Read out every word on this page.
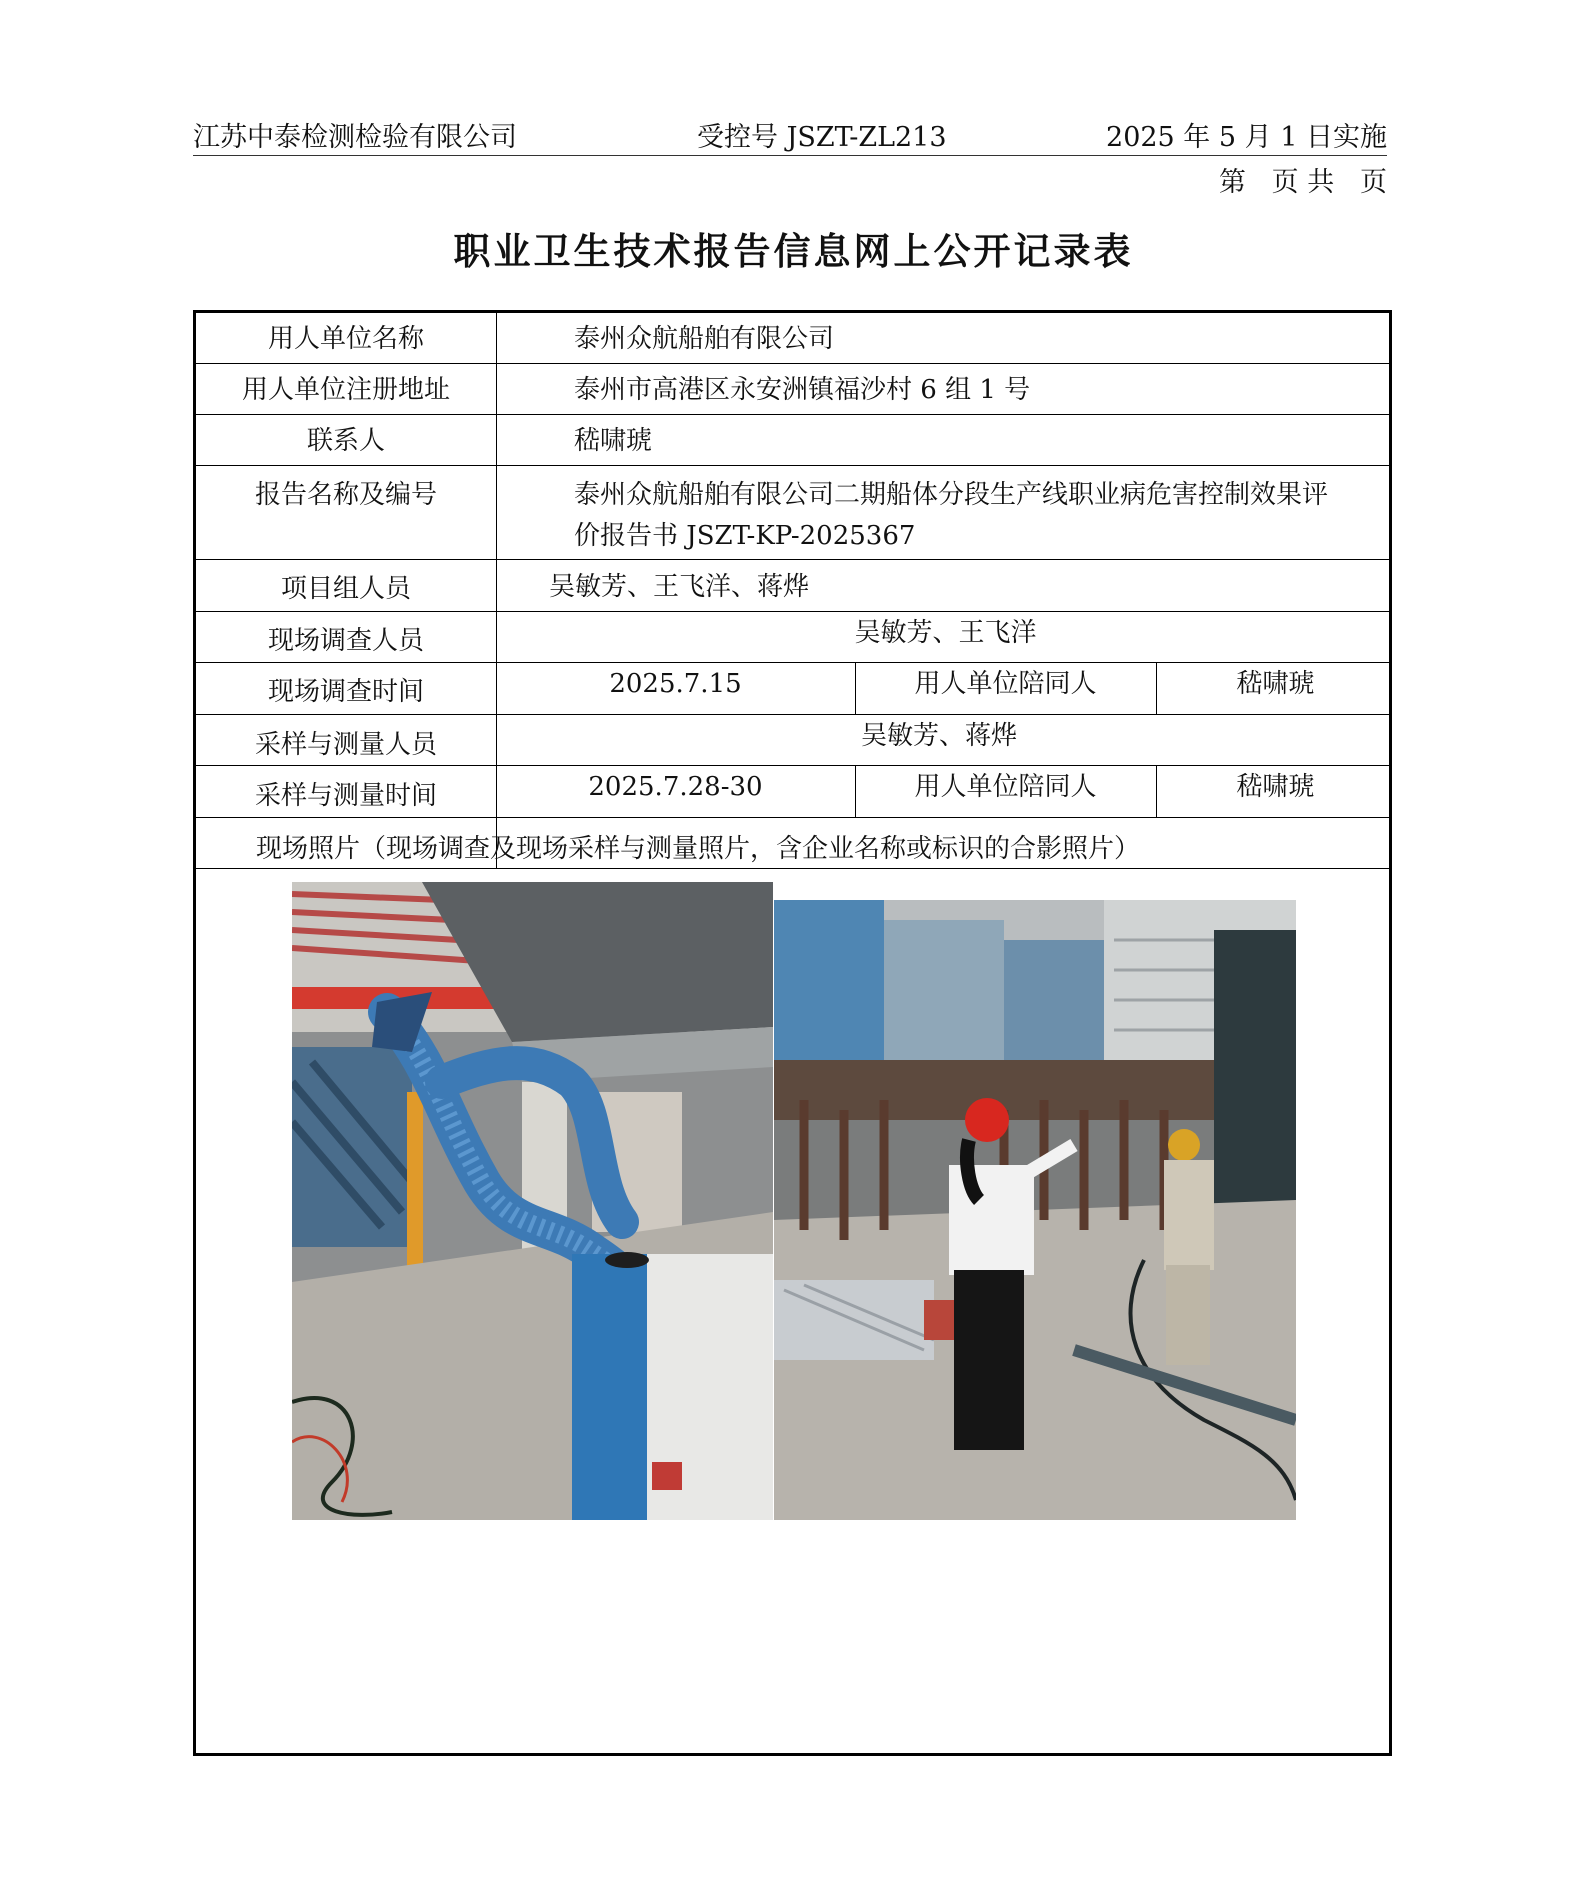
江苏中泰检测检验有限公司	受控号 JSZT-ZL213	2025 年 5 月 1 日实施
第   页 共   页
职业卫生技术报告信息网上公开记录表
用人单位名称	泰州众航船舶有限公司
用人单位注册地址	泰州市高港区永安洲镇福沙村 6 组 1 号
联系人	嵇啸琥
报告名称及编号	泰州众航船舶有限公司二期船体分段生产线职业病危害控制效果评
价报告书 JSZT-KP-2025367
项目组人员	吴敏芳、王飞洋、蒋烨
现场调查人员	吴敏芳、王飞洋
现场调查时间	2025.7.15	用人单位陪同人	嵇啸琥
采样与测量人员	吴敏芳、蒋烨
采样与测量时间	2025.7.28-30	用人单位陪同人	嵇啸琥
现场照片（现场调查及现场采样与测量照片，含企业名称或标识的合影照片）
